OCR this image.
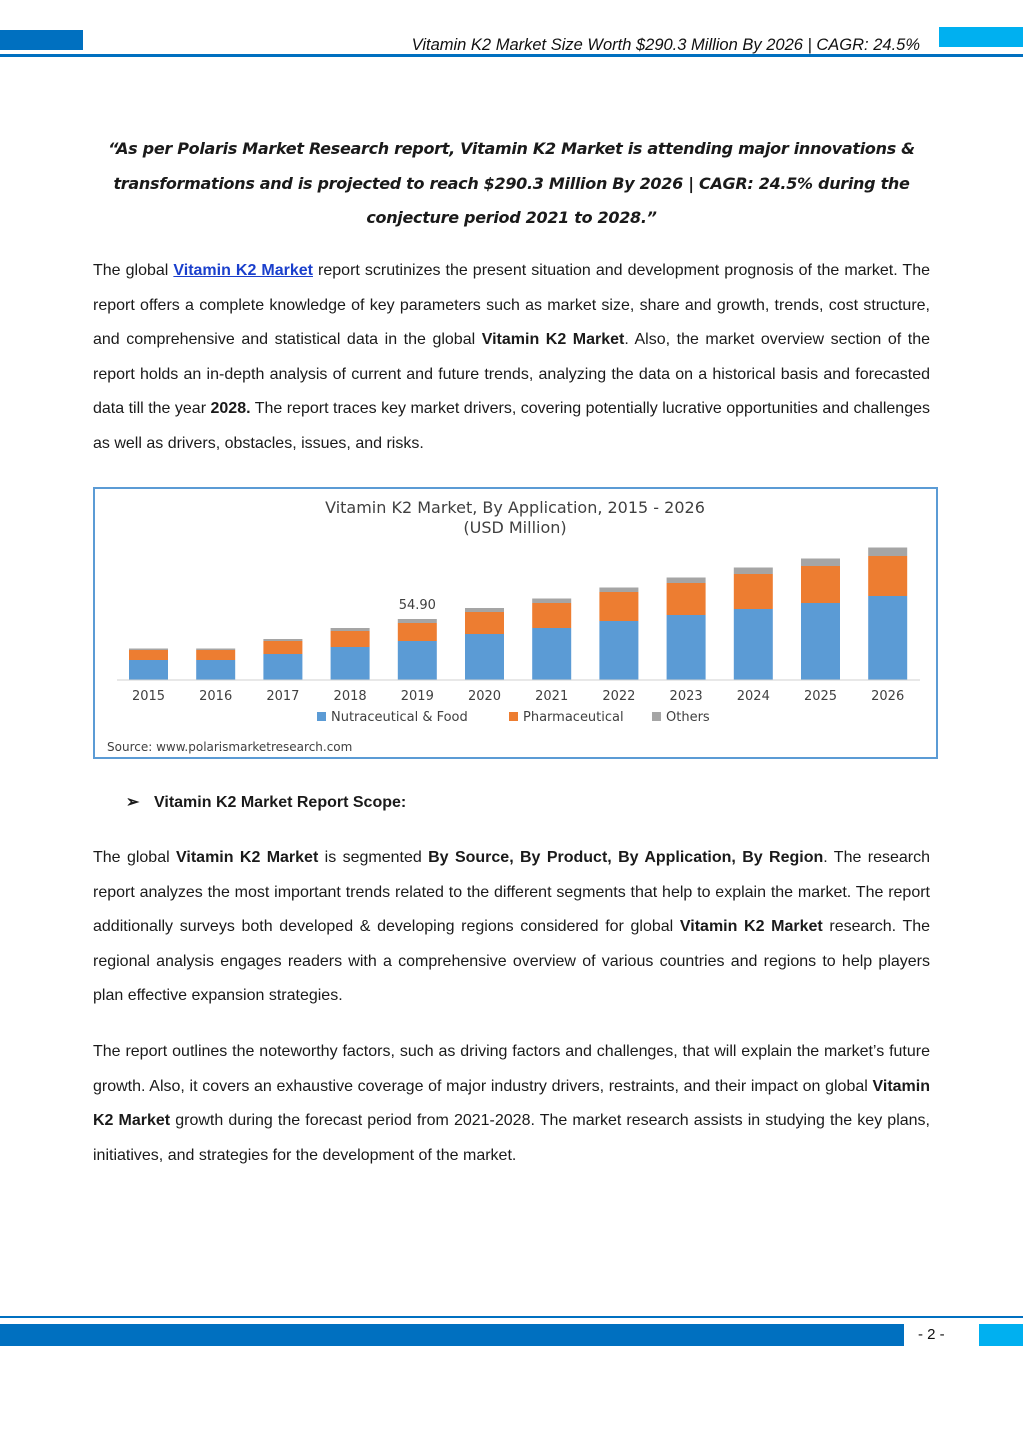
Vitamin K2 Market Size Worth $290.3 Million By 2026 | CAGR: 24.5%
“As per Polaris Market Research report, Vitamin K2 Market is attending major innovations & transformations and is projected to reach $290.3 Million By 2026 | CAGR: 24.5% during the conjecture period 2021 to 2028.”

The global Vitamin K2 Market report scrutinizes the present situation and development prognosis of the market. The report offers a complete knowledge of key parameters such as market size, share and growth, trends, cost structure, and comprehensive and statistical data in the global Vitamin K2 Market. Also, the market overview section of the report holds an in-depth analysis of current and future trends, analyzing the data on a historical basis and forecasted data till the year 2028. The report traces key market drivers, covering potentially lucrative opportunities and challenges as well as drivers, obstacles, issues, and risks.

Vitamin K2 Market, By Application, 2015 - 2026
(USD Million)
54.90
2015	2016	2017	2018	2019	2020	2021	2022	2023	2024	2025	2026
Nutraceutical & Food	Pharmaceutical	Others
Source: www.polarismarketresearch.com
➢ Vitamin K2 Market Report Scope:

The global Vitamin K2 Market is segmented By Source, By Product, By Application, By Region. The research report analyzes the most important trends related to the different segments that help to explain the market. The report additionally surveys both developed & developing regions considered for global Vitamin K2 Market research. The regional analysis engages readers with a comprehensive overview of various countries and regions to help players plan effective expansion strategies.

The report outlines the noteworthy factors, such as driving factors and challenges, that will explain the market’s future growth. Also, it covers an exhaustive coverage of major industry drivers, restraints, and their impact on global Vitamin K2 Market growth during the forecast period from 2021-2028. The market research assists in studying the key plans, initiatives, and strategies for the development of the market.

- 2 -
